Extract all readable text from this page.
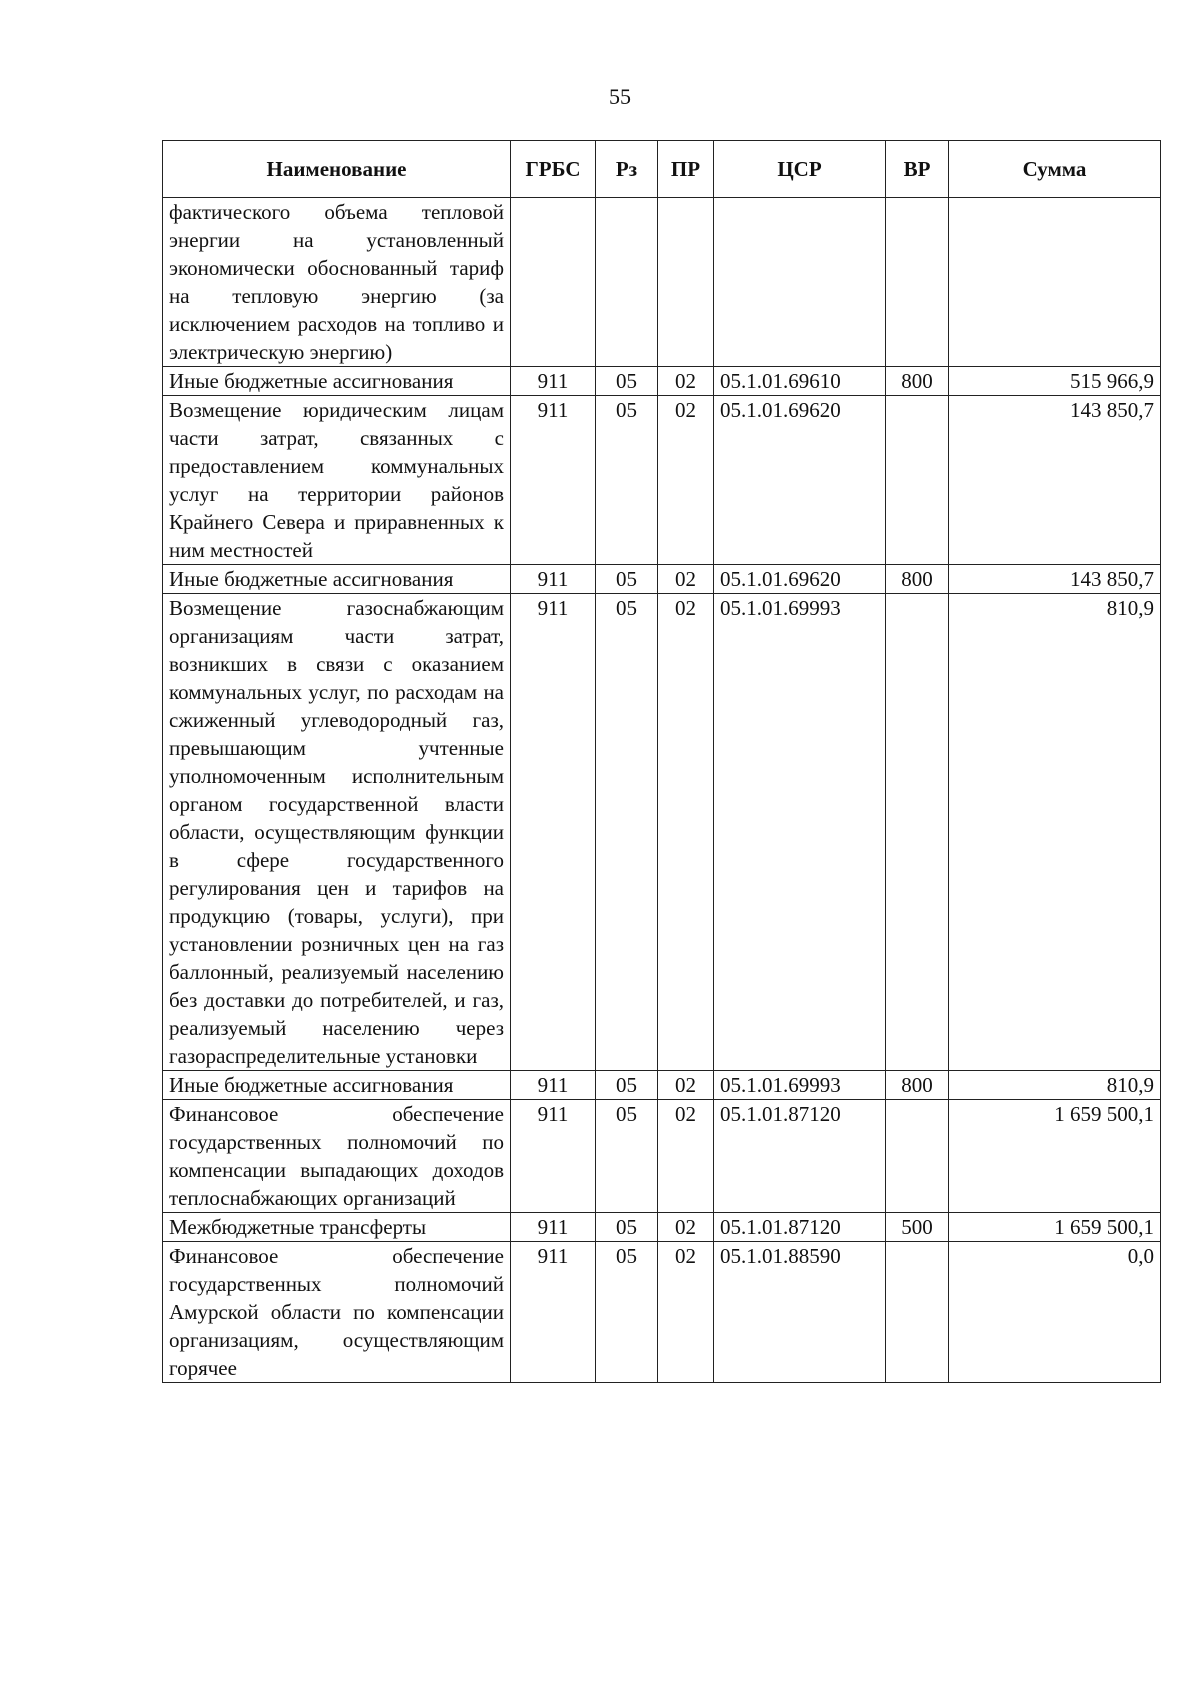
55
Наименование	ГРБС	Рз	ПР	ЦСР	ВР	Сумма
фактического объема тепловой энергии на установленный экономически обоснованный тариф на тепловую энергию (за исключением расходов на топливо и электрическую энергию)						
Иные бюджетные ассигнования	911	05	02	05.1.01.69610	800	515 966,9
Возмещение юридическим лицам части затрат, связанных с предоставлением коммунальных услуг на территории районов Крайнего Севера и приравненных к ним местностей	911	05	02	05.1.01.69620		143 850,7
Иные бюджетные ассигнования	911	05	02	05.1.01.69620	800	143 850,7
Возмещение газоснабжающим организациям части затрат, возникших в связи с оказанием коммунальных услуг, по расходам на сжиженный углеводородный газ, превышающим учтенные уполномоченным исполнительным органом государственной власти области, осуществляющим функции в сфере государственного регулирования цен и тарифов на продукцию (товары, услуги), при установлении розничных цен на газ баллонный, реализуемый населению без доставки до потребителей, и газ, реализуемый населению через газораспределительные установки	911	05	02	05.1.01.69993		810,9
Иные бюджетные ассигнования	911	05	02	05.1.01.69993	800	810,9
Финансовое обеспечение государственных полномочий по компенсации выпадающих доходов теплоснабжающих организаций	911	05	02	05.1.01.87120		1 659 500,1
Межбюджетные трансферты	911	05	02	05.1.01.87120	500	1 659 500,1
Финансовое обеспечение государственных полномочий Амурской области по компенсации организациям, осуществляющим горячее	911	05	02	05.1.01.88590		0,0
